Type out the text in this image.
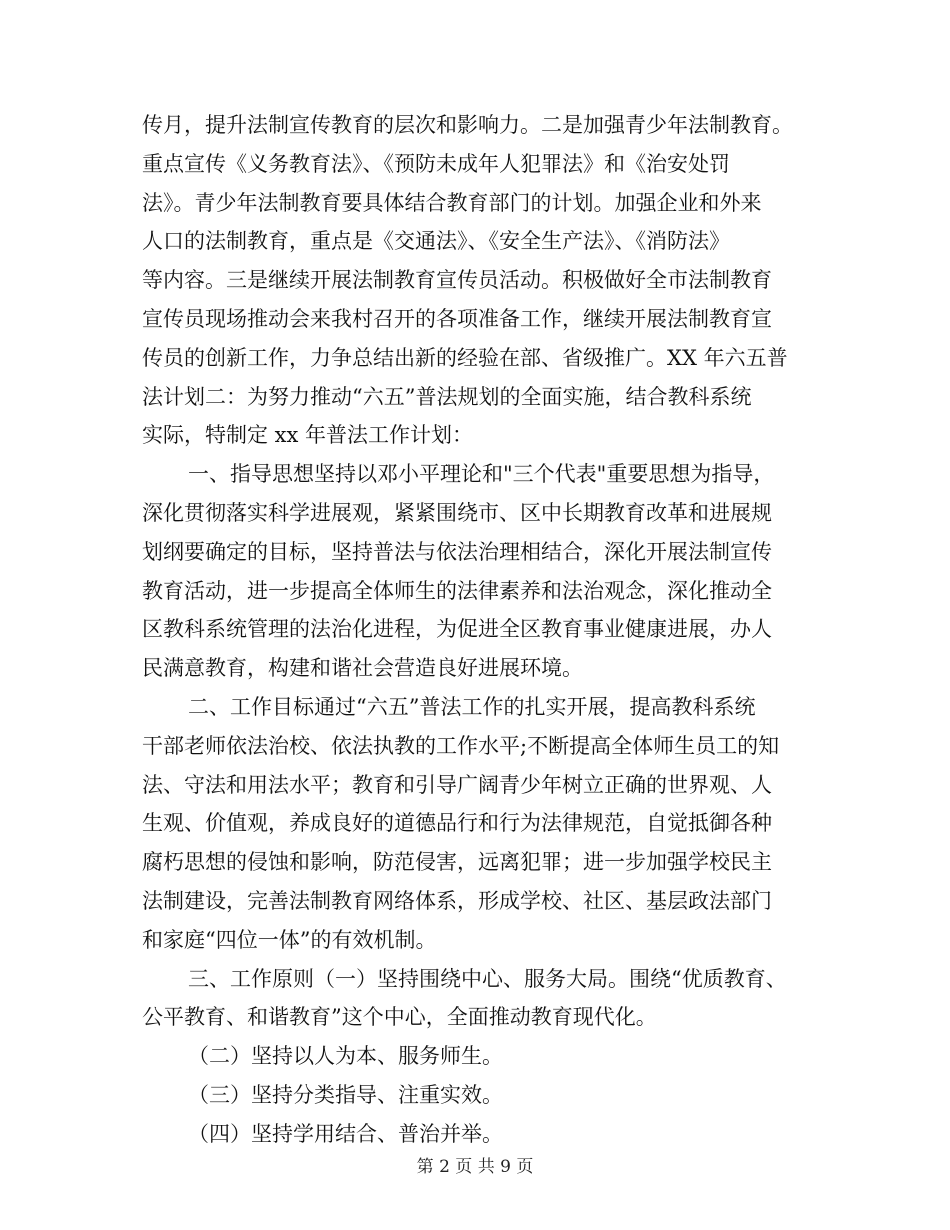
传月，提升法制宣传教育的层次和影响力。二是加强青少年法制教育。
重点宣传《义务教育法》、《预防未成年人犯罪法》和《治安处罚
法》。青少年法制教育要具体结合教育部门的计划。加强企业和外来
人口的法制教育，重点是《交通法》、《安全生产法》、《消防法》
等内容。三是继续开展法制教育宣传员活动。积极做好全市法制教育
宣传员现场推动会来我村召开的各项准备工作，继续开展法制教育宣
传员的创新工作，力争总结出新的经验在部、省级推广。XX 年六五普
法计划二：为努力推动“六五”普法规划的全面实施，结合教科系统
实际，特制定 xx 年普法工作计划：
一、指导思想坚持以邓小平理论和"三个代表"重要思想为指导，
深化贯彻落实科学进展观，紧紧围绕市、区中长期教育改革和进展规
划纲要确定的目标，坚持普法与依法治理相结合，深化开展法制宣传
教育活动，进一步提高全体师生的法律素养和法治观念，深化推动全
区教科系统管理的法治化进程，为促进全区教育事业健康进展，办人
民满意教育，构建和谐社会营造良好进展环境。
二、工作目标通过“六五”普法工作的扎实开展，提高教科系统
干部老师依法治校、依法执教的工作水平;不断提高全体师生员工的知
法、守法和用法水平；教育和引导广阔青少年树立正确的世界观、人
生观、价值观，养成良好的道德品行和行为法律规范，自觉抵御各种
腐朽思想的侵蚀和影响，防范侵害，远离犯罪；进一步加强学校民主
法制建设，完善法制教育网络体系，形成学校、社区、基层政法部门
和家庭“四位一体”的有效机制。
三、工作原则（一）坚持围绕中心、服务大局。围绕“优质教育、
公平教育、和谐教育”这个中心，全面推动教育现代化。
（二）坚持以人为本、服务师生。
（三）坚持分类指导、注重实效。
（四）坚持学用结合、普治并举。
第 2 页 共 9 页
